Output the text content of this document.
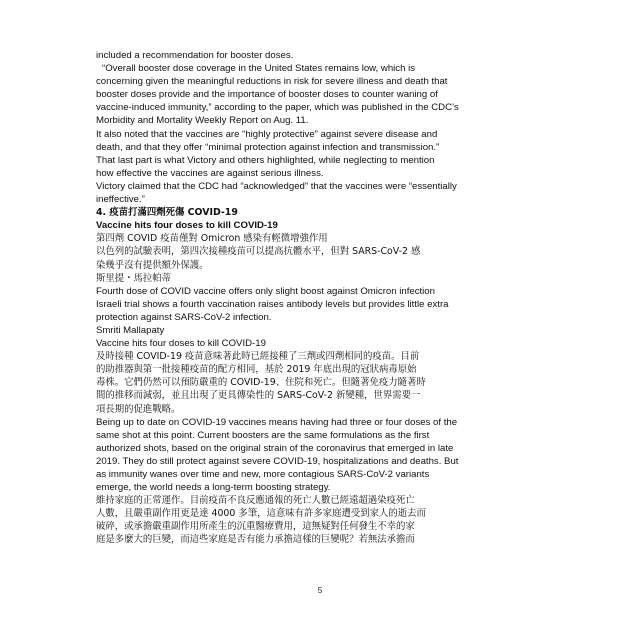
included a recommendation for booster doses.
“Overall booster dose coverage in the United States remains low, which is
concerning given the meaningful reductions in risk for severe illness and death that
booster doses provide and the importance of booster doses to counter waning of
vaccine-induced immunity,” according to the paper, which was published in the CDC’s
Morbidity and Mortality Weekly Report on Aug. 11.
It also noted that the vaccines are “highly protective” against severe disease and
death, and that they offer “minimal protection against infection and transmission.”
That last part is what Victory and others highlighted, while neglecting to mention
how effective the vaccines are against serious illness.
Victory claimed that the CDC had “acknowledged” that the vaccines were “essentially
ineffective.”
4. 疫苗打滿四劑死傷 COVID-19
Vaccine hits four doses to kill COVID-19
第四劑 COVID 疫苗僅對 Omicron 感染有輕微增強作用
以色列的試驗表明，第四次接種疫苗可以提高抗體水平，但對 SARS-CoV-2 感
染幾乎沒有提供額外保護。
斯里提・馬拉帕蒂
Fourth dose of COVID vaccine offers only slight boost against Omicron infection
Israeli trial shows a fourth vaccination raises antibody levels but provides little extra
protection against SARS-CoV-2 infection.
Smriti Mallapaty
Vaccine hits four doses to kill COVID-19
及時接種 COVID-19 疫苗意味著此時已經接種了三劑或四劑相同的疫苗。目前
的助推器與第一批接種疫苗的配方相同，基於 2019 年底出現的冠狀病毒原始
毒株。它們仍然可以預防嚴重的 COVID-19、住院和死亡。但隨著免疫力隨著時
間的推移而減弱，並且出現了更具傳染性的 SARS-CoV-2 新變種，世界需要一
項長期的促進戰略。
Being up to date on COVID-19 vaccines means having had three or four doses of the
same shot at this point. Current boosters are the same formulations as the first
authorized shots, based on the original strain of the coronavirus that emerged in late
2019. They do still protect against severe COVID-19, hospitalizations and deaths. But
as immunity wanes over time and new, more contagious SARS-CoV-2 variants
emerge, the world needs a long-term boosting strategy.
維持家庭的正常運作。目前疫苗不良反應通報的死亡人數已經遠超過染疫死亡
人數，且嚴重副作用更是達 4000 多筆，這意味有許多家庭遭受到家人的逝去而
破碎，或承擔嚴重副作用所產生的沉重醫療費用，這無疑對任何發生不幸的家
庭是多麼大的巨變，而這些家庭是否有能力承擔這樣的巨變呢？若無法承擔而
5
